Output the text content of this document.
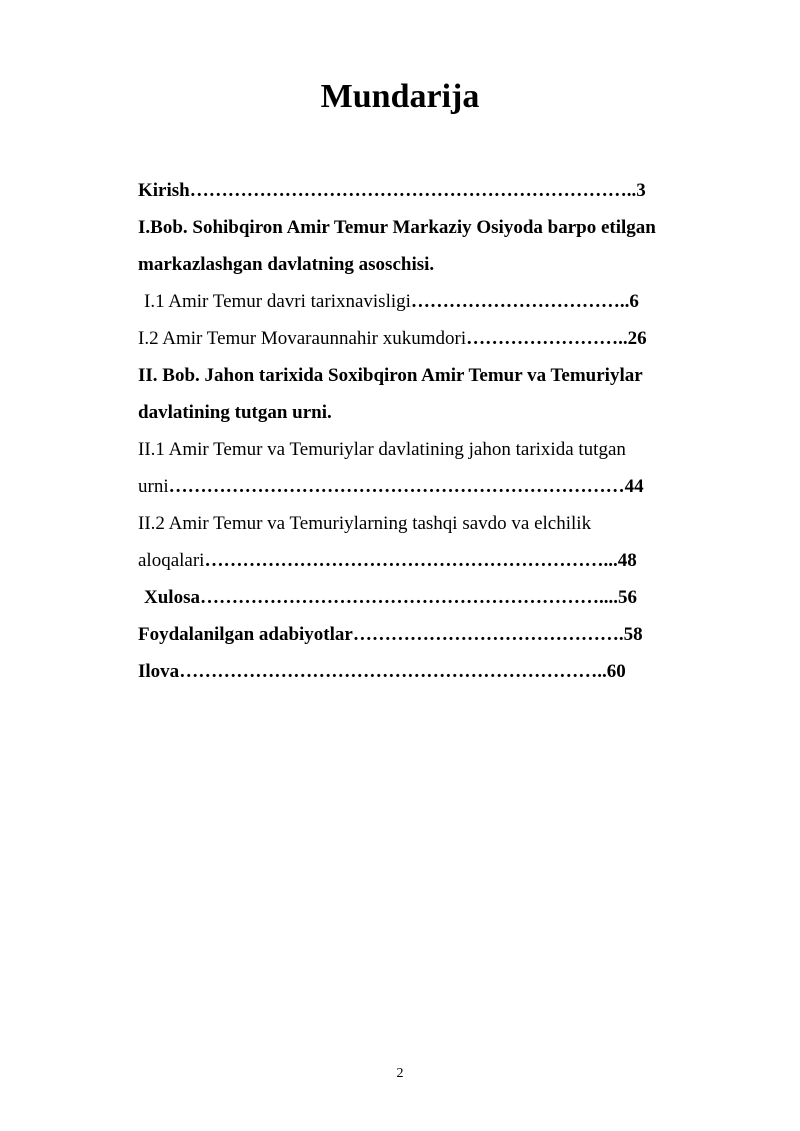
Mundarija
Kirish……………………………………………………………..3
I.Bob. Sohibqiron Amir Temur Markaziy Osiyoda barpo etilgan
markazlashgan davlatning asoschisi.
I.1 Amir Temur davri tarixnavisligi……………………………..6
I.2 Amir Temur Movaraunnahir xukumdori……………………..26
II. Bob. Jahon tarixida Soxibqiron Amir Temur va Temuriylar
davlatining tutgan urni.
II.1 Amir Temur va Temuriylar davlatining jahon tarixida tutgan
urni………………………………………………………………44
II.2 Amir Temur va Temuriylarning tashqi savdo va elchilik
aloqalari………………………………………………………...48
Xulosa………………………………………………………....56
Foydalanilgan adabiyotlar…………………………………….58
Ilova…………………………………………………………..60
2
